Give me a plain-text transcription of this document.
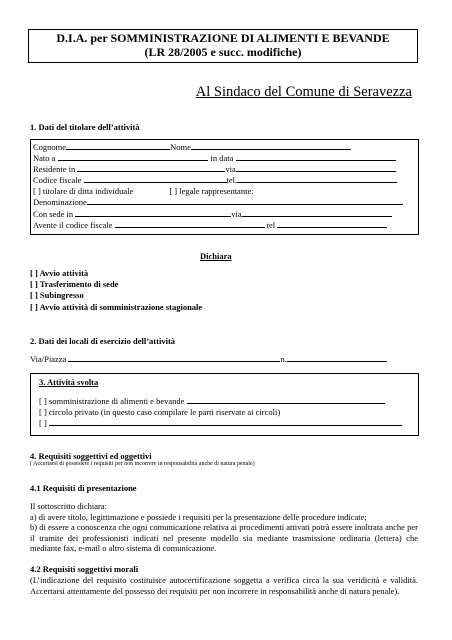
D.I.A. per SOMMINISTRAZIONE DI ALIMENTI E BEVANDE
(LR 28/2005 e succ. modifiche)
Al Sindaco del Comune di Seravezza
1. Dati del titolare dell’attività
Cognome	Nome
Nato a	in data
Residente in	via
Codice fiscale	tel.
[ ] titolare di ditta individuale	[ ] legale rappresentante:
Denominazione
Con sede in	via
Avente il codice fiscale	tel
Dichiara
[ ] Avvio attività
[ ] Trasferimento di sede
[ ] Subingresso
[ ] Avvio attività di somministrazione stagionale
2. Dati dei locali di esercizio dell’attività
Via/Piazza	n.
3. Attività svolta
[ ] somministrazione di alimenti e bevande
[ ] circolo privato (in questo caso compilare le parti riservate ai circoli)
[ ]
4. Requisiti soggettivi ed oggettivi
( Accertarsi di possedere i requisiti per non incorrere in responsabilità anche di natura penale)
4.1 Requisiti di presentazione
Il sottoscritto dichiara:
a) di avere titolo, legittimazione e possiede i requisiti per la presentazione delle procedure indicate;
b) di essere a conoscenza che ogni comunicazione relativa ai procedimenti attivati potrà essere inoltrata anche per il tramite dei professionisti indicati nel presente modello sia mediante trasmissione ordinaria (lettera) che mediante fax, e-mail o altro sistema di comunicazione.
4.2 Requisiti soggettivi morali
(L’indicazione del requisito costituisce autocertificazione soggetta a verifica circa la sua veridicità e validità. Accertarsi attentamente del possesso dei requisiti per non incorrere in responsabilità anche di natura penale).
